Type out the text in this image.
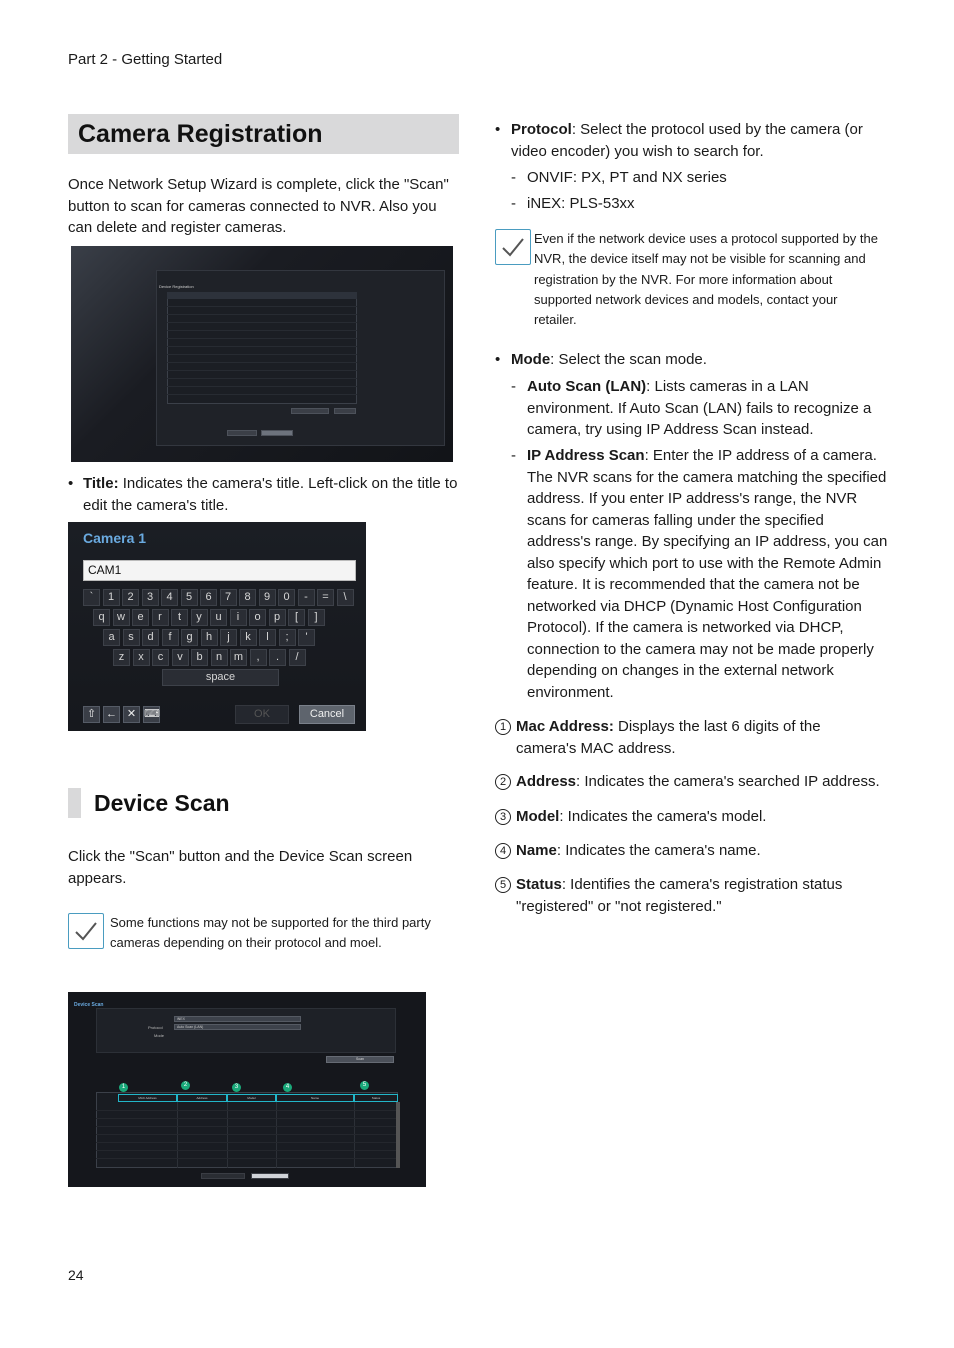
Part 2 - Getting Started
24
Camera Registration

Once Network Setup Wizard is complete, click the "Scan" button to scan for cameras connected to NVR. Also you can delete and register cameras.

Device Registration
• Title: Indicates the camera's title. Left-click on the title to edit the camera's title.
Camera 1
CAM1
`	1	2	3	4	5	6	7	8	9	0	-	=	\
q	w	e	r	t	y	u	i	o	p	[	]
a	s	d	f	g	h	j	k	l	;	'
z	x	c	v	b	n	m	,	.	/
space
⇧ ← ✕ ⌨	OK	Cancel
Device Scan

Click the "Scan" button and the Device Scan screen appears.

Some functions may not be supported for the third party cameras depending on their protocol and moel.
Device Scan
Protocol
iNEX
Mode
Auto Scan (LAN)
Scan
MAC Address	Address	Model	Name	Status
1	2	3	4	5
• Protocol: Select the protocol used by the camera (or video encoder) you wish to search for.
- ONVIF: PX, PT and NX series
- iNEX: PLS-53xx
Even if the network device uses a protocol supported by the NVR, the device itself may not be visible for scanning and registration by the NVR. For more information about supported network devices and models, contact your retailer.
• Mode: Select the scan mode.
- Auto Scan (LAN): Lists cameras in a LAN environment. If Auto Scan (LAN) fails to recognize a camera, try using IP Address Scan instead.
- IP Address Scan: Enter the IP address of a camera. The NVR scans for the camera matching the specified address. If you enter IP address's range, the NVR scans for cameras falling under the specified address's range. By specifying an IP address, you can also specify which port to use with the Remote Admin feature. It is recommended that the camera not be networked via DHCP (Dynamic Host Configuration Protocol). If the camera is networked via DHCP, connection to the camera may not be made properly depending on changes in the external network environment.
1 Mac Address: Displays the last 6 digits of the camera's MAC address.
2 Address: Indicates the camera's searched IP address.
3 Model: Indicates the camera's model.
4 Name: Indicates the camera's name.
5 Status: Identifies the camera's registration status "registered" or "not registered."
